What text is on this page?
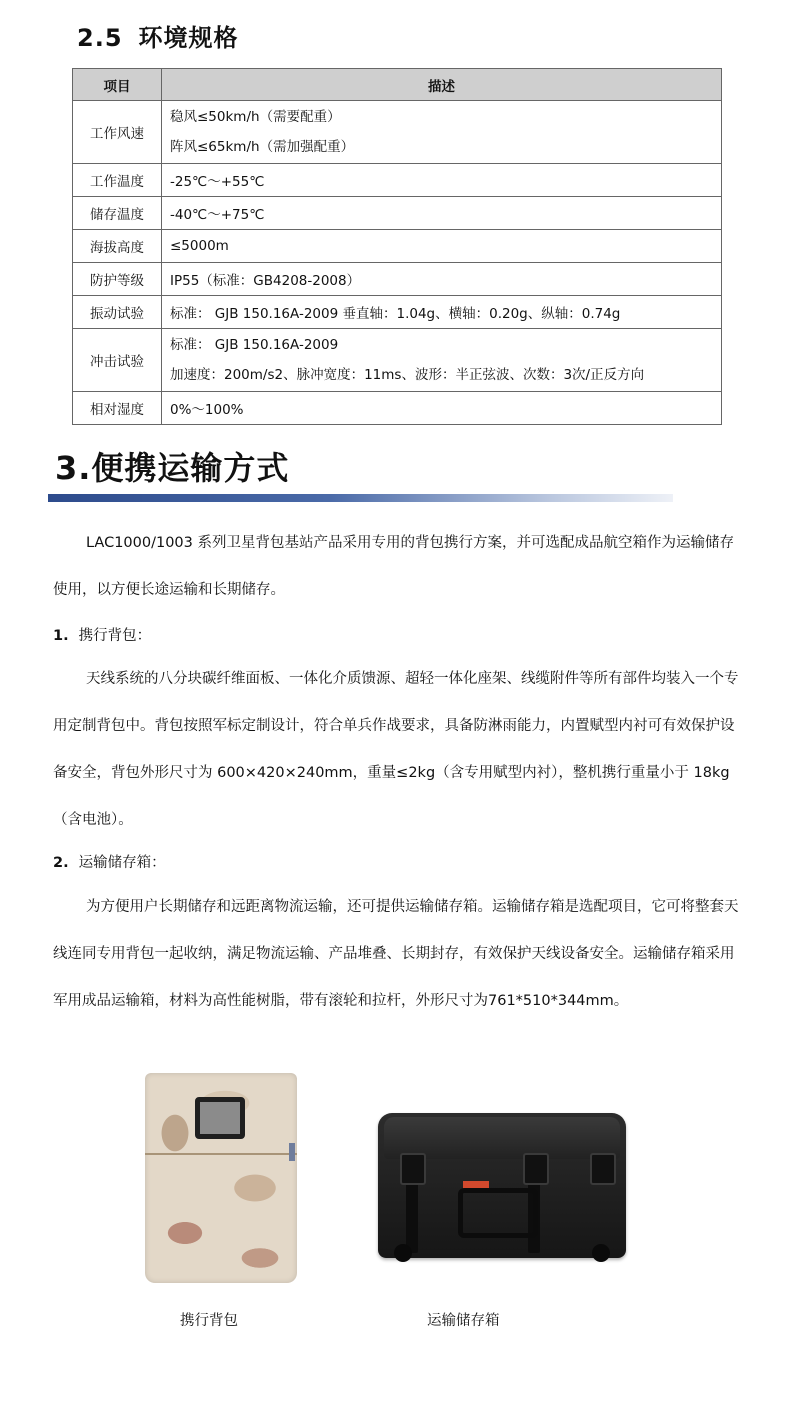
2.5 环境规格
项目	描述
工作风速	稳风≤50km/h（需要配重）
阵风≤65km/h（需加强配重）

工作温度	-25℃～+55℃
储存温度	-40℃～+75℃
海拔高度	≤5000m
防护等级	IP55（标准：GB4208-2008）
振动试验	标准： GJB 150.16A-2009 垂直轴：1.04g、横轴：0.20g、纵轴：0.74g
冲击试验	标准： GJB 150.16A-2009
加速度：200m/s2、脉冲宽度：11ms、波形：半正弦波、次数：3次/正反方向

相对湿度	0%～100%
3.便携运输方式

LAC1000/1003 系列卫星背包基站产品采用专用的背包携行方案，并可选配成品航空箱作为运输储存使用，以方便长途运输和长期储存。

1. 携行背包：

天线系统的八分块碳纤维面板、一体化介质馈源、超轻一体化座架、线缆附件等所有部件均装入一个专用定制背包中。背包按照军标定制设计，符合单兵作战要求，具备防淋雨能力，内置赋型内衬可有效保护设备安全，背包外形尺寸为 600×420×240mm，重量≤2kg（含专用赋型内衬），整机携行重量小于 18kg（含电池）。

2. 运输储存箱：

为方便用户长期储存和远距离物流运输，还可提供运输储存箱。运输储存箱是选配项目，它可将整套天线连同专用背包一起收纳，满足物流运输、产品堆叠、长期封存，有效保护天线设备安全。运输储存箱采用军用成品运输箱，材料为高性能树脂，带有滚轮和拉杆，外形尺寸为761*510*344mm。

携行背包	运输储存箱
